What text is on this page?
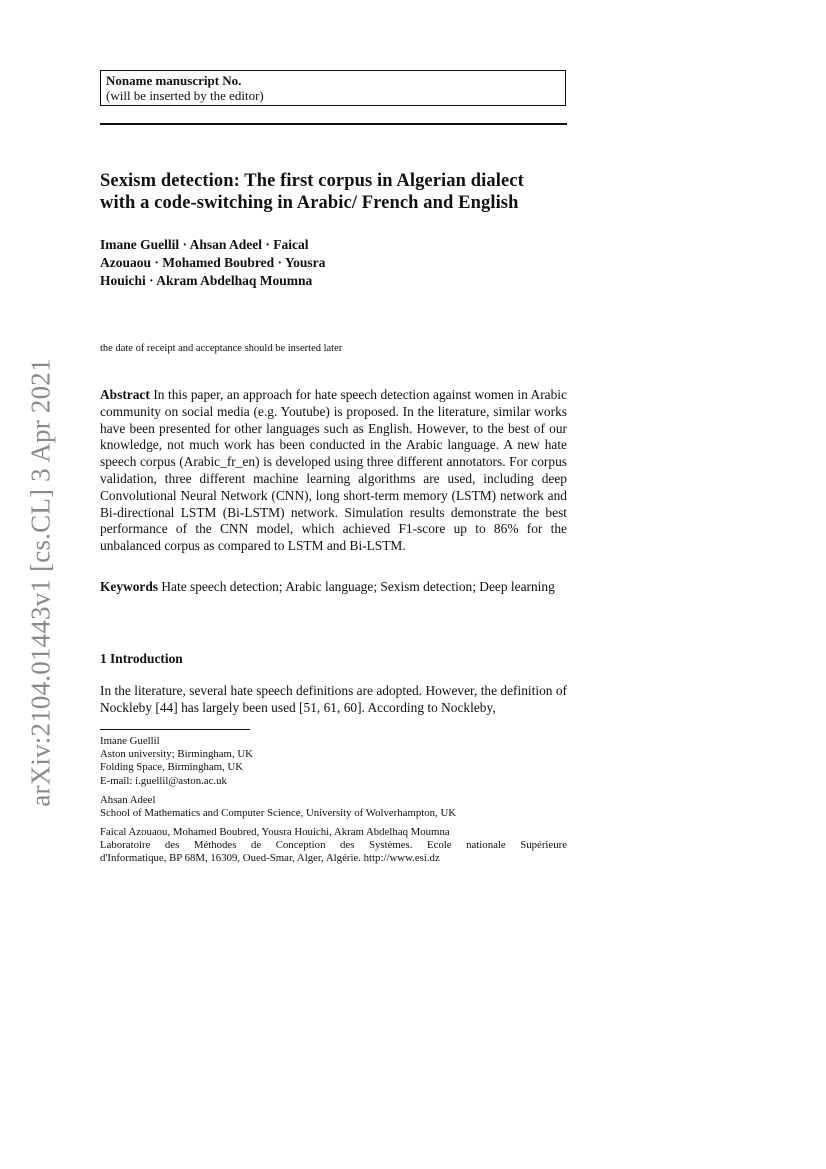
arXiv:2104.01443v1 [cs.CL] 3 Apr 2021
Noname manuscript No.
(will be inserted by the editor)
Sexism detection: The first corpus in Algerian dialect
with a code-switching in Arabic/ French and English
Imane Guellil · Ahsan Adeel · Faical
Azouaou · Mohamed Boubred · Yousra
Houichi · Akram Abdelhaq Moumna
the date of receipt and acceptance should be inserted later
Abstract In this paper, an approach for hate speech detection against women in Arabic community on social media (e.g. Youtube) is proposed. In the literature, similar works have been presented for other languages such as English. However, to the best of our knowledge, not much work has been conducted in the Arabic language. A new hate speech corpus (Arabic_fr_en) is developed using three different annotators. For corpus validation, three different machine learning algorithms are used, including deep Convolutional Neural Network (CNN), long short-term memory (LSTM) network and Bi-directional LSTM (Bi-LSTM) network. Simulation results demonstrate the best performance of the CNN model, which achieved F1-score up to 86% for the unbalanced corpus as compared to LSTM and Bi-LSTM.
Keywords Hate speech detection; Arabic language; Sexism detection; Deep learning
1 Introduction
In the literature, several hate speech definitions are adopted. However, the definition of Nockleby [44] has largely been used [51, 61, 60]. According to Nockleby,
Imane Guellil
Aston university; Birmingham, UK
Folding Space, Birmingham, UK
E-mail: i.guellil@aston.ac.uk
Ahsan Adeel
School of Mathematics and Computer Science, University of Wolverhampton, UK
Faical Azouaou, Mohamed Boubred, Yousra Houichi, Akram Abdelhaq Moumna
Laboratoire des Méthodes de Conception des Systèmes. Ecole nationale Supérieure
d'Informatique, BP 68M, 16309, Oued-Smar, Alger, Algérie. http://www.esi.dz
